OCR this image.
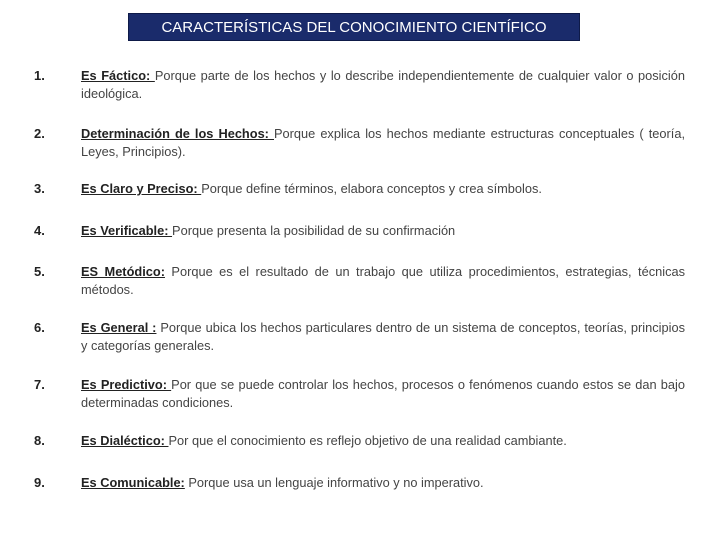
CARACTERÍSTICAS DEL CONOCIMIENTO CIENTÍFICO
1.	Es Fáctico: Porque parte de los hechos y lo describe independientemente de cualquier valor o posición ideológica.
2.	Determinación de los Hechos: Porque explica los hechos mediante estructuras conceptuales ( teoría, Leyes, Principios).
3.	Es Claro y Preciso: Porque define términos, elabora conceptos y crea símbolos.
4.	Es Verificable: Porque presenta la posibilidad de su confirmación
5.	ES Metódico: Porque es el resultado de un trabajo que utiliza procedimientos, estrategias, técnicas métodos.
6.	Es General : Porque ubica los hechos particulares dentro de un sistema de conceptos, teorías, principios y categorías generales.
7.	Es Predictivo: Por que se puede controlar los hechos, procesos o fenómenos cuando estos se dan bajo determinadas condiciones.
8.	Es Dialéctico: Por que el conocimiento es reflejo objetivo de una realidad cambiante.
9.	Es Comunicable: Porque usa un lenguaje informativo y no imperativo.
